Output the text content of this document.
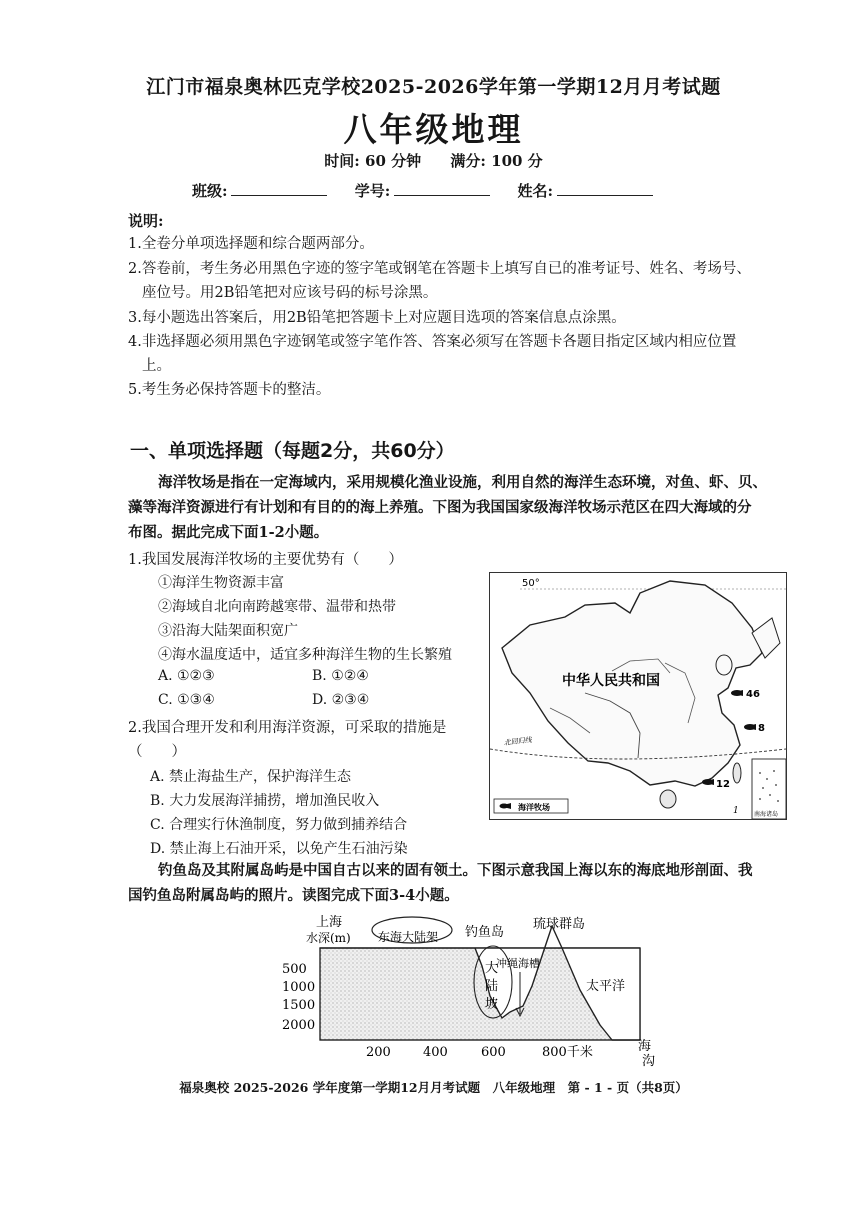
江门市福泉奥林匹克学校2025-2026学年第一学期12月月考试题
八年级地理
时间: 60 分钟 满分: 100 分
班级:	学号:	姓名:
说明:
1.全卷分单项选择题和综合题两部分。
2.答卷前，考生务必用黑色字迹的签字笔或钢笔在答题卡上填写自已的准考证号、姓名、考场号、
座位号。用2B铅笔把对应该号码的标号涂黑。
3.每小题选出答案后，用2B铅笔把答题卡上对应题目选项的答案信息点涂黑。
4.非选择题必须用黑色字迹钢笔或签字笔作答、答案必须写在答题卡各题目指定区域内相应位置
上。
5.考生务必保持答题卡的整洁。
一、单项选择题（每题2分，共60分）
海洋牧场是指在一定海域内，采用规模化渔业设施，利用自然的海洋生态环境，对鱼、虾、贝、
藻等海洋资源进行有计划和有目的的海上养殖。下图为我国国家级海洋牧场示范区在四大海域的分
布图。据此完成下面1-2小题。
1.我国发展海洋牧场的主要优势有（　　）
①海洋生物资源丰富
②海域自北向南跨越寒带、温带和热带
③沿海大陆架面积宽广
④海水温度适中，适宜多种海洋生物的生长繁殖
A. ①②③	B. ①②④
C. ①③④	D. ②③④
2.我国合理开发和利用海洋资源，可采取的措施是
（　　）
A. 禁止海盐生产，保护海洋生态
B. 大力发展海洋捕捞，增加渔民收入
C. 合理实行休渔制度，努力做到捕养结合
D. 禁止海上石油开采，以免产生石油污染
50°
中华人民共和国
北回归线
46
8
12
1
海洋牧场
南海诸岛
钓鱼岛及其附属岛屿是中国自古以来的固有领土。下图示意我国上海以东的海底地形剖面、我
国钓鱼岛附属岛屿的照片。读图完成下面3-4小题。
上海
水深(m) 东海大陆架 钓鱼岛
琉球群岛
大
陆
坡
冲绳海槽
太平洋
海
沟
500
1000
1500
2000
200 400	600	800千米
福泉奥校 2025-2026 学年度第一学期12月月考试题　八年级地理　第 - 1 - 页（共8页）
